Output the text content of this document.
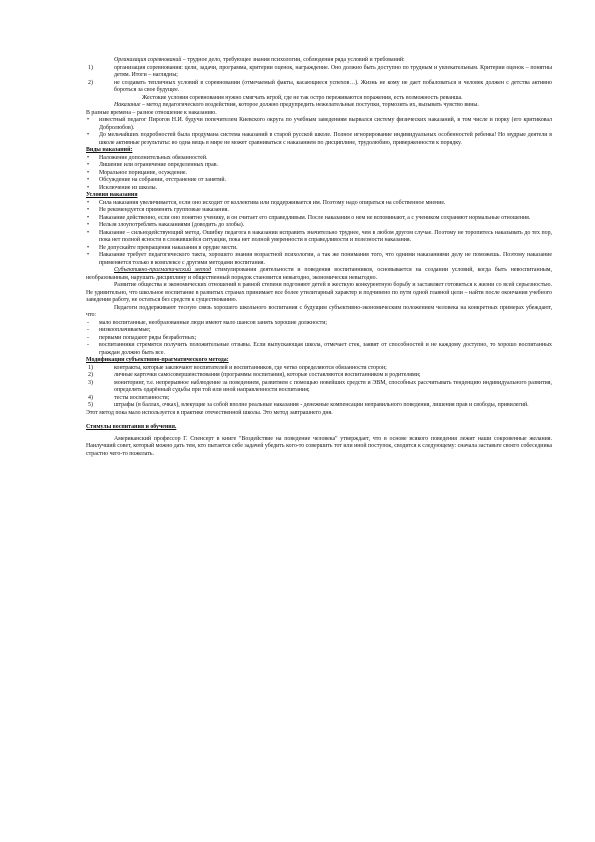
Организация соревнований – трудное дело, требующее знания психологии, соблюдения ряда условий и требований:

1)	организация соревнования: цели, задачи, программа, критерии оценок, награждение. Оно должно быть доступно по трудным и увлекательным. Критерии оценок – понятны детям. Итоги – наглядны;
2)	не создавать тепличных условий в соревновании (отмечаемый факты, касающиеся успехов…). Жизнь не кому не дает побаловаться и человек должен с детства активно бороться за свое будущее.

Жестокие условия соревнования нужно смягчать игрой, где не так остро переживаются поражения, есть возможность реванша.

Наказание – метод педагогического воздействия, которое должно предупредить нежелательные поступки, тормозить их, вызывать чувство вины.

В разные времена – разное отношение к наказанию.

• известный педагог Пирогов Н.И. будучи попечителем Киевского округа по учебным заведениям вырвался систему физических наказаний, в том числе и порку (его критиковал Добролюбов).
• До мельчайших подробностей была продумана система наказаний в старой русской школе. Полное игнорирование индивидуальных особенностей ребенка! Но мудрые деятели в школе активные результаты: во одна вещь в мире не может сравниваться с наказанием по дисциплине, трудолюбию, приверженности к порядку.

Виды наказаний:

• Наложение дополнительных обязанностей.
• Лишение или ограничение определенных прав.
• Моральное порицание, осуждение.
• Обсуждение на собрании, отстранение от занятий.
• Исключение из школы.

Условия наказания

• Сила наказания увеличивается, если оно исходит от коллектива или поддерживается им. Поэтому надо опираться на собственное мнение.
• Не рекомендуется применять групповые наказания.
• Наказание действенно, если оно понятно ученику, и он считает его справедливым. После наказания о нем не вспоминают, а с учеником сохраняют нормальные отношения.
• Нельзя злоупотреблять наказаниями (доводить до злобы).
• Наказание – сильнодействующий метод. Ошибку педагога в наказании исправить значительно труднее, чем в любом другом случае. Поэтому не торопитесь наказывать до тех пор, пока нет полной ясности в сложившейся ситуации, пока нет полной уверенности в справедливости и полезности наказания.
• Не допускайте превращения наказания в орудие мести.
• Наказание требует педагогического такта, хорошего знания возрастной психологии, а так же понимания того, что одними наказаниями делу не поможешь. Поэтому наказание применяется только в комплексе с другими методами воспитания.

Субъективно-прагматический метод стимулирования деятельности и поведения воспитанников, основывается на создании условий, когда быть невоспитанным, необразованным, нарушать дисциплину и общественный порядок становится невыгодно, экономически невыгодно.

Развитие общества и экономических отношений в равной степени подгоняют детей в жесткую конкурентную борьбу и заставляет готовиться к жизни со всей серьезностью. Не удивительно, что школьное воспитание в развитых странах принимает все более утилитарный характер и подчинено по пути одной главной цели – найти после окончания учебного заведения работу, не остаться без средств к существованию.

Педагоги поддерживают тесную связь хорошего школьного воспитания с будущим субъективно-экономическим положением человека на конкретных примерах убеждают, что:

- мало воспитанные, необразованные люди имеют мало шансов занять хорошие должности;
- низкооплачиваемые;
- первыми попадают ряды безработных;
- воспитанники стремятся получить положительные отзывы. Если выпускающая школа, отмечает стек, заявит от способностей и не каждому доступно, то хорошо воспитанных граждан должно быть все.

Модификации субъективно-прагматического метода:

1)	контракты, которые заключают воспитателей и воспитанников, где четко определяются обязанности сторон;
2)	личные карточки самосовершенствования (программы воспитания), которые составляются воспитанником и родителями;
3)	мониторинг, т.е. непрерывное наблюдение за поведением, развитием с помощью новейших средств и ЭВМ, способных рассчитывать тенденцию индивидуального развития, определять одарённый судьбы при той или иной направленности воспитания;
4)	тесты воспитанности;
5)	штрафы (в баллах, очках), влекущие за собой вполне реальные наказания - денежные компенсации неправильного поведения, лишения прав и свободы, привилегий.

Этот метод пока мало используется в практике отечественной школы. Это метод завтрашнего дня.

Стимулы воспитания и обучения.

Американский профессор Г. Спенсерт в книге "Воздействие на поведение человека" утверждает, что в основе всякого поведения лежит наши сокровенные желания. Наилучший совет, который можно дать тем, кто пытается себе задачей убедить кого-то совершить тот или иной поступок, сводится к следующему: сначала заставьте своего собеседника страстно чего-то пожелать.
